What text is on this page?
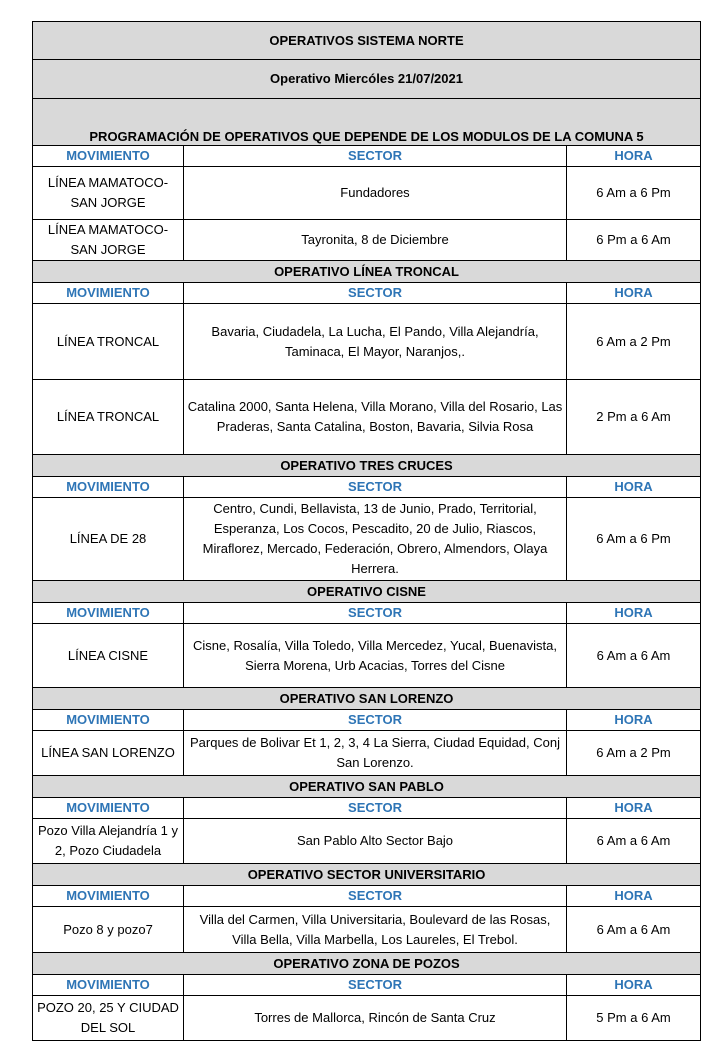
OPERATIVOS SISTEMA NORTE		
Operativo Miercóles 21/07/2021		
PROGRAMACIÓN DE OPERATIVOS QUE DEPENDE DE LOS MODULOS DE LA COMUNA 5		
MOVIMIENTO	SECTOR	HORA
LÍNEA MAMATOCO-SAN JORGE	Fundadores	6 Am a 6 Pm
LÍNEA MAMATOCO-SAN JORGE	Tayronita, 8 de Diciembre	6 Pm a 6 Am
OPERATIVO LÍNEA TRONCAL		
MOVIMIENTO	SECTOR	HORA
LÍNEA TRONCAL	Bavaria, Ciudadela, La Lucha, El Pando, Villa Alejandría, Taminaca, El Mayor, Naranjos,.	6 Am a 2 Pm
LÍNEA TRONCAL	Catalina 2000, Santa Helena, Villa Morano, Villa del Rosario, Las Praderas, Santa Catalina, Boston, Bavaria, Silvia Rosa	2 Pm a 6 Am
OPERATIVO TRES CRUCES		
MOVIMIENTO	SECTOR	HORA
LÍNEA DE 28	Centro, Cundi, Bellavista, 13 de Junio, Prado, Territorial, Esperanza, Los Cocos, Pescadito, 20 de Julio, Riascos, Miraflorez, Mercado, Federación, Obrero, Almendors, Olaya Herrera.	6 Am a 6 Pm
OPERATIVO CISNE		
MOVIMIENTO	SECTOR	HORA
LÍNEA CISNE	Cisne, Rosalía, Villa Toledo, Villa Mercedez, Yucal, Buenavista, Sierra Morena, Urb Acacias, Torres del Cisne	6 Am a 6 Am
OPERATIVO SAN LORENZO		
MOVIMIENTO	SECTOR	HORA
LÍNEA SAN LORENZO	Parques de Bolivar Et 1, 2, 3, 4 La Sierra, Ciudad Equidad, Conj San Lorenzo.	6 Am a 2 Pm
OPERATIVO SAN PABLO		
MOVIMIENTO	SECTOR	HORA
Pozo Villa Alejandría 1 y 2, Pozo Ciudadela	San Pablo Alto Sector Bajo	6 Am a 6 Am
OPERATIVO SECTOR UNIVERSITARIO		
MOVIMIENTO	SECTOR	HORA
Pozo 8 y pozo7	Villa del Carmen, Villa Universitaria, Boulevard de las Rosas, Villa Bella, Villa Marbella, Los Laureles, El Trebol.	6 Am a 6 Am
OPERATIVO ZONA DE POZOS		
MOVIMIENTO	SECTOR	HORA
POZO 20, 25 Y CIUDAD DEL SOL	Torres de Mallorca, Rincón de Santa Cruz	5 Pm a 6 Am
